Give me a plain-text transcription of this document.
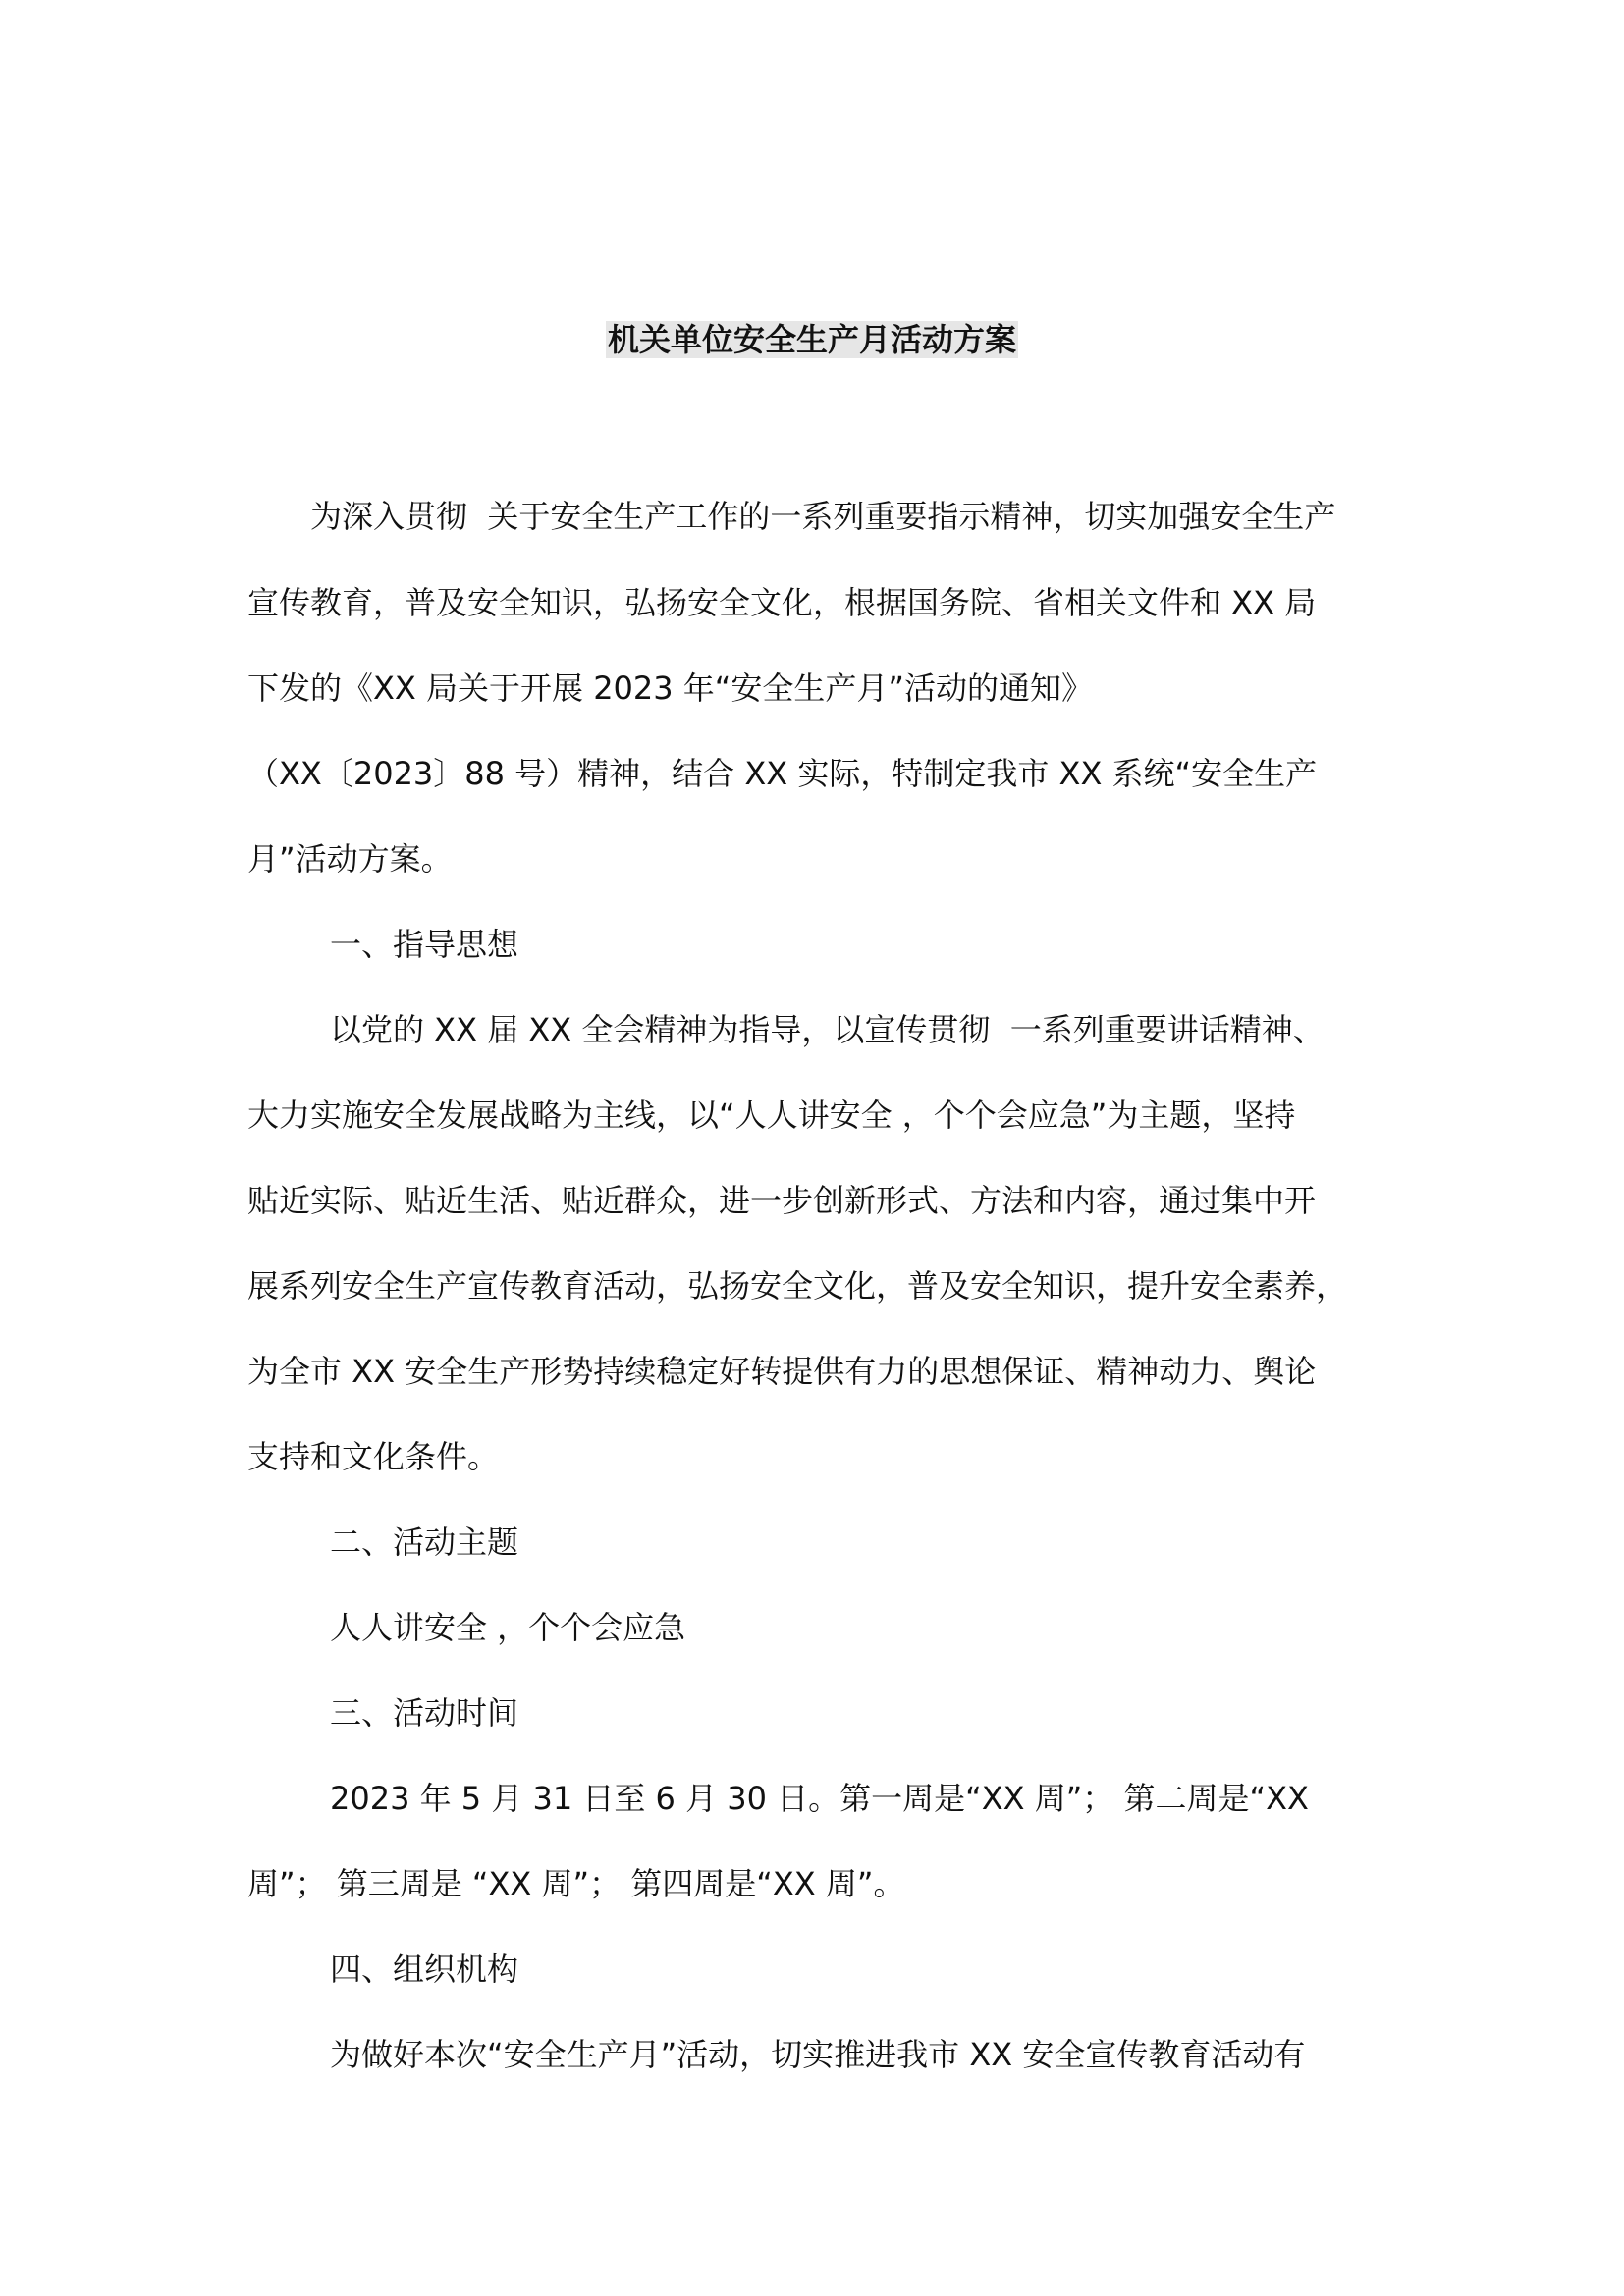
机关单位安全生产月活动方案
为深入贯彻  关于安全生产工作的一系列重要指示精神，切实加强安全生产
宣传教育，普及安全知识，弘扬安全文化，根据国务院、省相关文件和 XX 局
下发的《XX 局关于开展 2023 年“安全生产月”活动的通知》
（XX〔2023〕88 号）精神，结合 XX 实际，特制定我市 XX 系统“安全生产
月”活动方案。
一、指导思想
以党的 XX 届 XX 全会精神为指导，以宣传贯彻  一系列重要讲话精神、
大力实施安全发展战略为主线，以“人人讲安全 ，个个会应急”为主题，坚持
贴近实际、贴近生活、贴近群众，进一步创新形式、方法和内容，通过集中开
展系列安全生产宣传教育活动，弘扬安全文化，普及安全知识，提升安全素养，
为全市 XX 安全生产形势持续稳定好转提供有力的思想保证、精神动力、舆论
支持和文化条件。
二、活动主题
人人讲安全 ，个个会应急
三、活动时间
2023 年 5 月 31 日至 6 月 30 日。第一周是“XX 周”； 第二周是“XX
周”； 第三周是 “XX 周”； 第四周是“XX 周”。
四、组织机构
为做好本次“安全生产月”活动，切实推进我市 XX 安全宣传教育活动有
